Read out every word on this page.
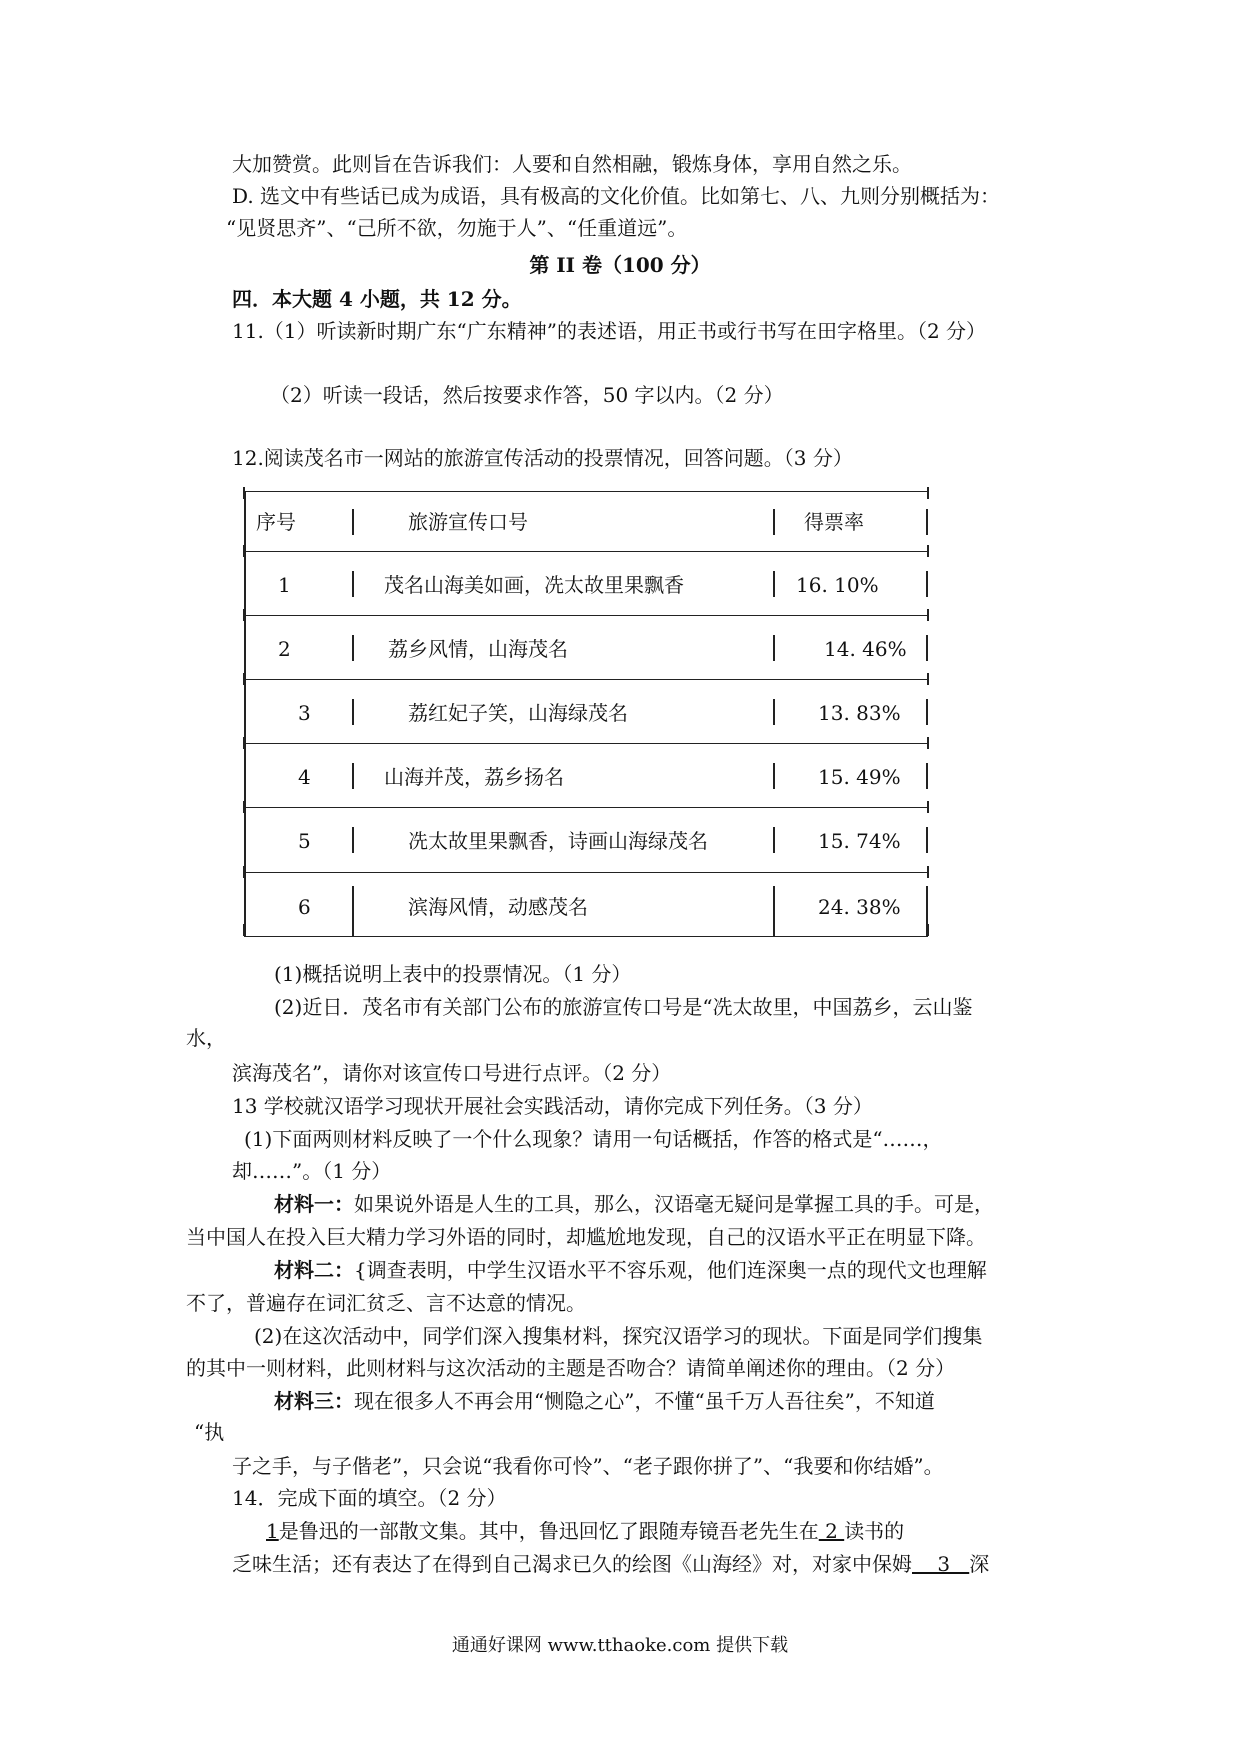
大加赞赏。此则旨在告诉我们：人要和自然相融，锻炼身体，享用自然之乐。
D. 选文中有些话已成为成语，具有极高的文化价值。比如第七、八、九则分别概括为：
“见贤思齐”、“己所不欲，勿施于人”、“任重道远”。
第 II 卷（100 分）
四．本大题 4 小题，共 12 分。
11.（1）听读新时期广东“广东精神”的表述语，用正书或行书写在田字格里。（2 分）
（2）听读一段话，然后按要求作答，50 字以内。（2 分）
12.阅读茂名市一网站的旅游宣传活动的投票情况，回答问题。（3 分）
序号	旅游宣传口号	得票率
1	茂名山海美如画，冼太故里果飘香	16. 10%
2	荔乡风情，山海茂名	14. 46%
3	荔红妃子笑，山海绿茂名	13. 83%
4	山海并茂，荔乡扬名	15. 49%
5	冼太故里果飘香，诗画山海绿茂名	15. 74%
6	滨海风情，动感茂名	24. 38%
(1)概括说明上表中的投票情况。（1 分）
(2)近日．茂名市有关部门公布的旅游宣传口号是“冼太故里，中国荔乡，云山鉴
水，
滨海茂名”，请你对该宣传口号进行点评。（2 分）
13 学校就汉语学习现状开展社会实践活动，请你完成下列任务。（3 分）
(1)下面两则材料反映了一个什么现象？请用一句话概括，作答的格式是“……，
却……”。（1 分）
材料一：如果说外语是人生的工具，那么，汉语毫无疑问是掌握工具的手。可是，
当中国人在投入巨大精力学习外语的同时，却尴尬地发现，自己的汉语水平正在明显下降。
材料二：{调查表明，中学生汉语水平不容乐观，他们连深奥一点的现代文也理解
不了，普遍存在词汇贫乏、言不达意的情况。
(2)在这次活动中，同学们深入搜集材料，探究汉语学习的现状。下面是同学们搜集
的其中一则材料，此则材料与这次活动的主题是否吻合？请简单阐述你的理由。（2 分）
材料三：现在很多人不再会用“恻隐之心”，不懂“虽千万人吾往矣”，不知道
“执
子之手，与子偕老”，只会说“我看你可怜”、“老子跟你拼了”、“我要和你结婚”。
14．完成下面的填空。（2 分）
1是鲁迅的一部散文集。其中，鲁迅回忆了跟随寿镜吾老先生在 2 读书的
乏味生活；还有表达了在得到自己渴求已久的绘图《山海经》对，对家中保姆    3   深
通通好课网 www.tthaoke.com 提供下载
